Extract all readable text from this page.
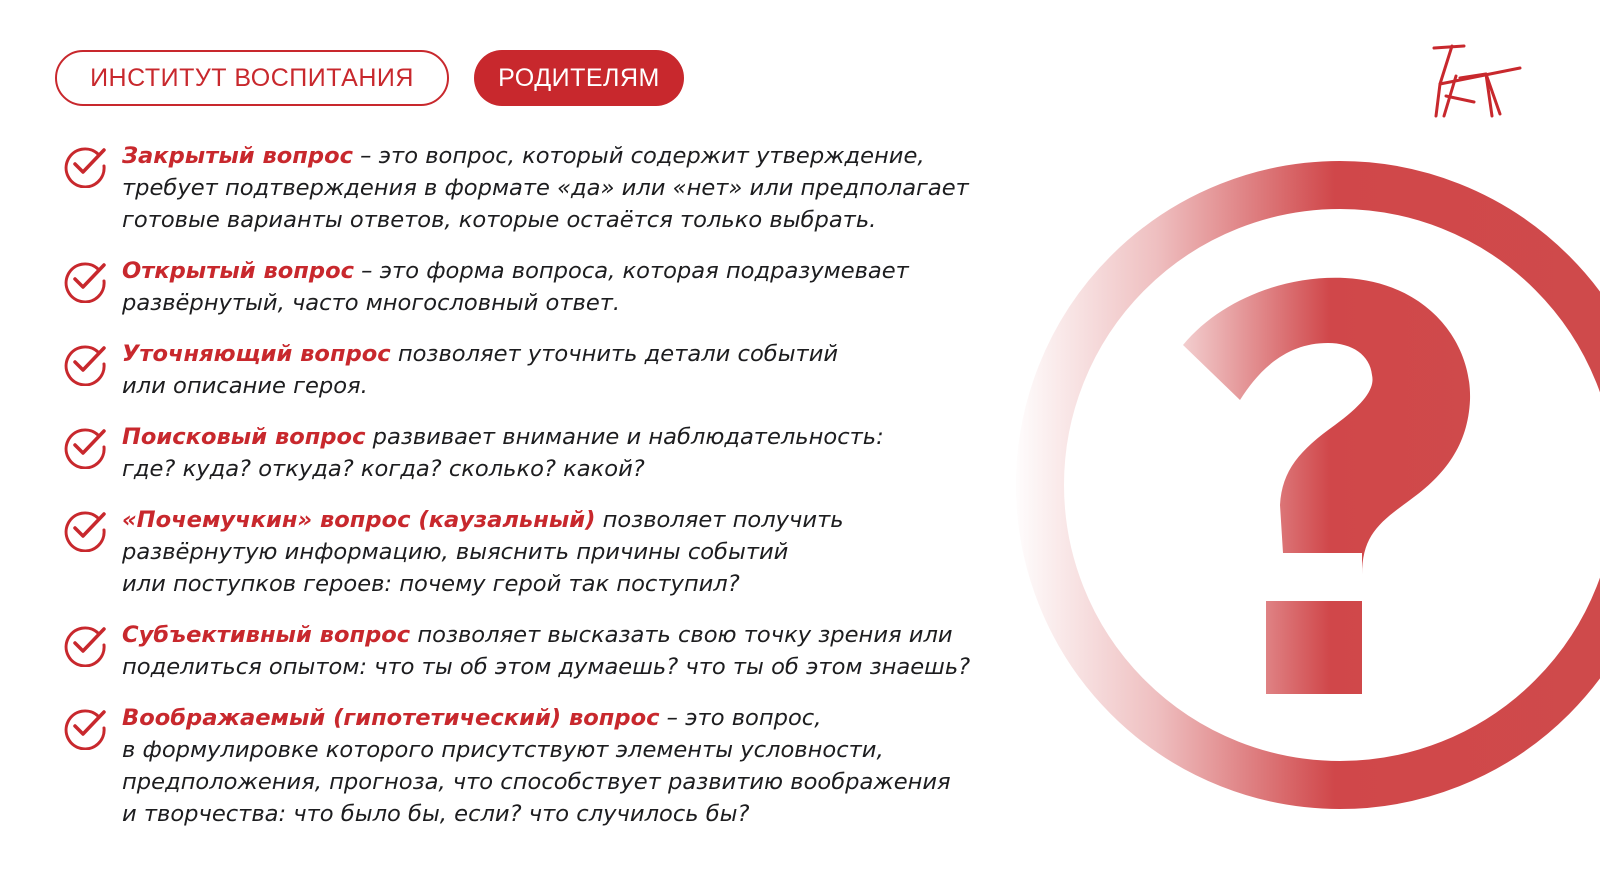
ИНСТИТУТ ВОСПИТАНИЯ	РОДИТЕЛЯМ
Закрытый вопрос – это вопрос, который содержит утверждение,
требует подтверждения в формате «да» или «нет» или предполагает
готовые варианты ответов, которые остаётся только выбрать.
Открытый вопрос – это форма вопроса, которая подразумевает
развёрнутый, часто многословный ответ.
Уточняющий вопрос позволяет уточнить детали событий
или описание героя.
Поисковый вопрос развивает внимание и наблюдательность:
где? куда? откуда? когда? сколько? какой?
«Почемучкин» вопрос (каузальный) позволяет получить
развёрнутую информацию, выяснить причины событий
или поступков героев: почему герой так поступил?
Субъективный вопрос позволяет высказать свою точку зрения или
поделиться опытом: что ты об этом думаешь? что ты об этом знаешь?
Воображаемый (гипотетический) вопрос – это вопрос,
в формулировке которого присутствуют элементы условности,
предположения, прогноза, что способствует развитию воображения
и творчества: что было бы, если? что случилось бы?
